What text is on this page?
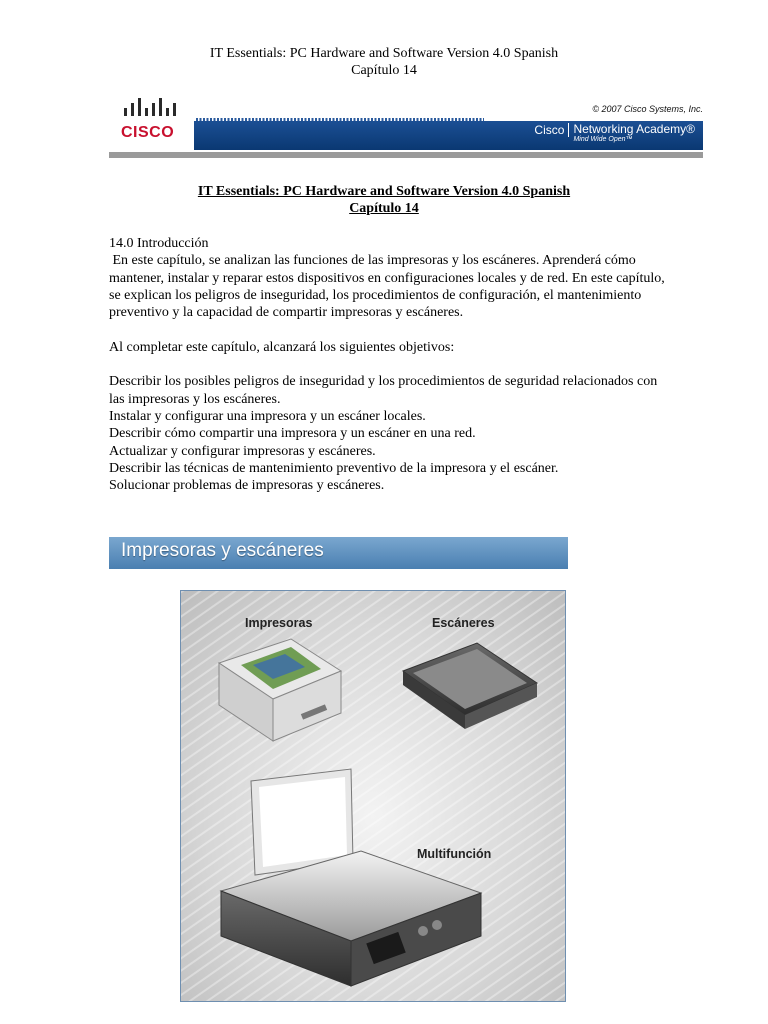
IT Essentials: PC Hardware and Software Version 4.0 Spanish
Capítulo 14
CISCO
© 2007 Cisco Systems, Inc.
Cisco Networking Academy®
Mind Wide Open™
IT Essentials: PC Hardware and Software Version 4.0 Spanish
Capítulo 14

14.0 Introducción

En este capítulo, se analizan las funciones de las impresoras y los escáneres. Aprenderá cómo mantener, instalar y reparar estos dispositivos en configuraciones locales y de red. En este capítulo, se explican los peligros de inseguridad, los procedimientos de configuración, el mantenimiento preventivo y la capacidad de compartir impresoras y escáneres.

Al completar este capítulo, alcanzará los siguientes objetivos:

Describir los posibles peligros de inseguridad y los procedimientos de seguridad relacionados con las impresoras y los escáneres.

Instalar y configurar una impresora y un escáner locales.

Describir cómo compartir una impresora y un escáner en una red.

Actualizar y configurar impresoras y escáneres.

Describir las técnicas de mantenimiento preventivo de la impresora y el escáner.

Solucionar problemas de impresoras y escáneres.

Impresoras y escáneres
Impresoras	Escáneres
Multifunción
